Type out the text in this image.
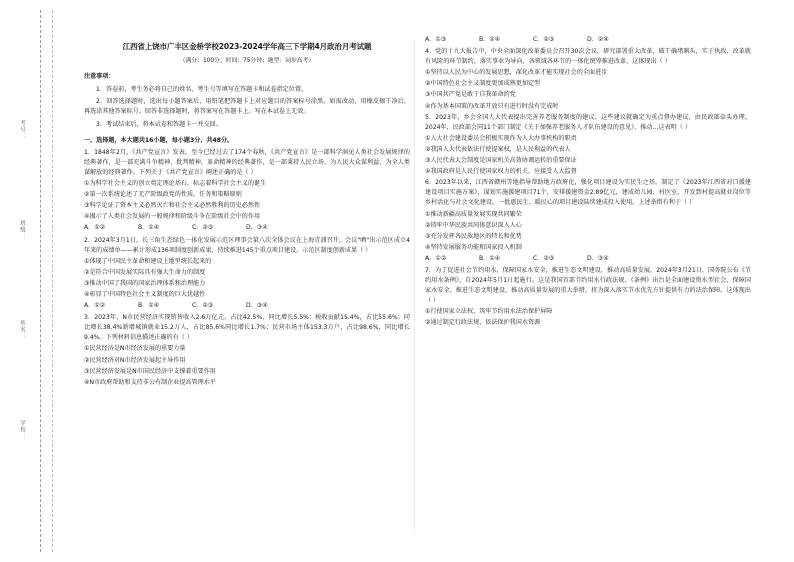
学校：
姓名：
班级：
考号：
江西省上饶市广丰区金桥学校2023-2024学年高三下学期4月政治月考试题
（满分：100分；时间：75分钟；题型：同步高考）
注意事项：
1．答卷前，考生务必将自己的姓名、考生号等填写在答题卡和试卷指定位置。
2．回答选择题时，选出每小题答案后，用铅笔把答题卡上对应题目的答案标号涂黑。如需改动，用橡皮擦干净后，再选涂其他答案标号。回答非选择题时，将答案写在答题卡上。写在本试卷上无效。
3．考试结束后，将本试卷和答题卡一并交回。
一、选择题，本大题共16小题，每小题3分，共48分。
1．1848年2月，《共产党宣言》发表，至今已经过去了174个春秋，《共产党宣言》是一部科学洞见人类社会发展规律的经典著作，是一部充满斗争精神、批判精神、革命精神的经典著作，是一部秉持人民立场、为人民大众谋利益、为全人类谋解放的经典著作。下列关于《共产党宣言》阐述正确的是（ ）
①为科学社会主义的创立奠定理论基石，标志着科学社会主义的诞生
②第一次系统论述了无产阶级政党的性质、任务和策略原则
③科学论证了资本主义必然灭亡和社会主义必然胜利的历史必然性
④揭示了人类社会发展的一般规律和阶级斗争在阶级社会中的作用
A．①②	B．①④	C．②③	D．③④
2．2024年3月1日，长三角生态绿色一体化发展示范区理事会第八次全体会议在上海青浦召开，会议"晒"出示范区成立4年来的成绩单——累计形成136项制度创新成果，持续推进145个重点项目建设。示范区制度创新成果（ ）
①体现了中国民主革命和建设上地里统长起来的
②是符合中国发展实际具有强大生命力的制度
③推动中国了我国的国家治理体系和治理能力
④彰显了中国特色社会主义制度的巨大优越性
A．①②	B．①④	C．②③	D．③④
3．2023年，N市民营经济实现销售收入2.6万亿元，占比42.5%，同比增长5.5%；税收贡献15.4%，占比55.6%；同比增长38.4%新增城镇就业15.2万人，占比85.6%同比增长1.7%；民营市场主体153.3万户，占比98.6%，同比增长9.4%。下列材料信息描述正确的有（ ）
①民营经济是N市经济发展的重要力量
②民营经济对N市经济发展起主导作用
③民营经济发展是N市国民经济中支撑着重要作用
④N市政府帮助和支持非公有制企业提高管理水平
A．①③	B．①④	C．②③	D．②④
4．党的十九大报告中，中央全面深化改革委员会召开30次会议，研究部署重大改革，破干确堵剩头，实于执政、改革就有风险的环节制约，落实事业为导向，各领域各环节的一体化统筹推进改革，这体现出（ ）
①坚持以人民为中心的发展思想，深化改革才能实现社会的全面进步
②中国特色社会主义制度更加成熟更加定型
③中国共产党是敢于自我革命的党
④作为基本国策的改革开放只有进行时没有完成时
5．2023年，乡会全国人大代表提出完善养老服务制度的建议，这些建议就确定为重点督办建议，由民政部牵头办理。2024年，民政部会同11个部门制定《关于加强养老服务人才队伍建设的意见》，推动…这表明（ ）
①人大社会建设委员会积极实现作为人大办事机构的职责
②我国人大代表依法行使提案权，是人民利益的代表人
③人民代表大会制度是国家机关高效协调运转的重要保证
④我国政府是人民行使国家权力的机关，应接受人大监督
6．2023年以来，江西省赣州等地指导帮助地方政府化，强化项目建设为实民生之基，制定了《2023年江西省对口援建建设项目实施方案》，谋划实施援建项目71个，安排援建资金2.89亿元，建成幼儿园、村医室、开发到村提高就业岗位等乡村活化与社会文化建设，一批惠民生、暖民心的项目建设陆续建成投入使用。上述举措有利于（ ）
①推动新疆高质量发展实现共同繁荣
②铸牢中华民族共同体意识深入人心
③充分发挥各民族地区的特长和优势
④坚持发展服务功能和国家投入机制
A．①②	B．①④	C．②③	D．③④
7．为了促进社会节约用水，保障国家水安全，推进生态文明建设，推动高质量发展，2024年3月21日，国务院公布《节约用水条例》，自2024年5月1日起施行。这是我国首部节约用水行政法规。《条例》出台是全面建设资水型社会、保障国家水安全、推进生态文明建设、推动高质量发展的重大举措，将为深入落实节水优先方针提供有力的法治保障。这体现出（ ）
①行使国家立法权，筑牢节约用水法治保护屏障
②通过制定行政法规，依法保护我国水资源
